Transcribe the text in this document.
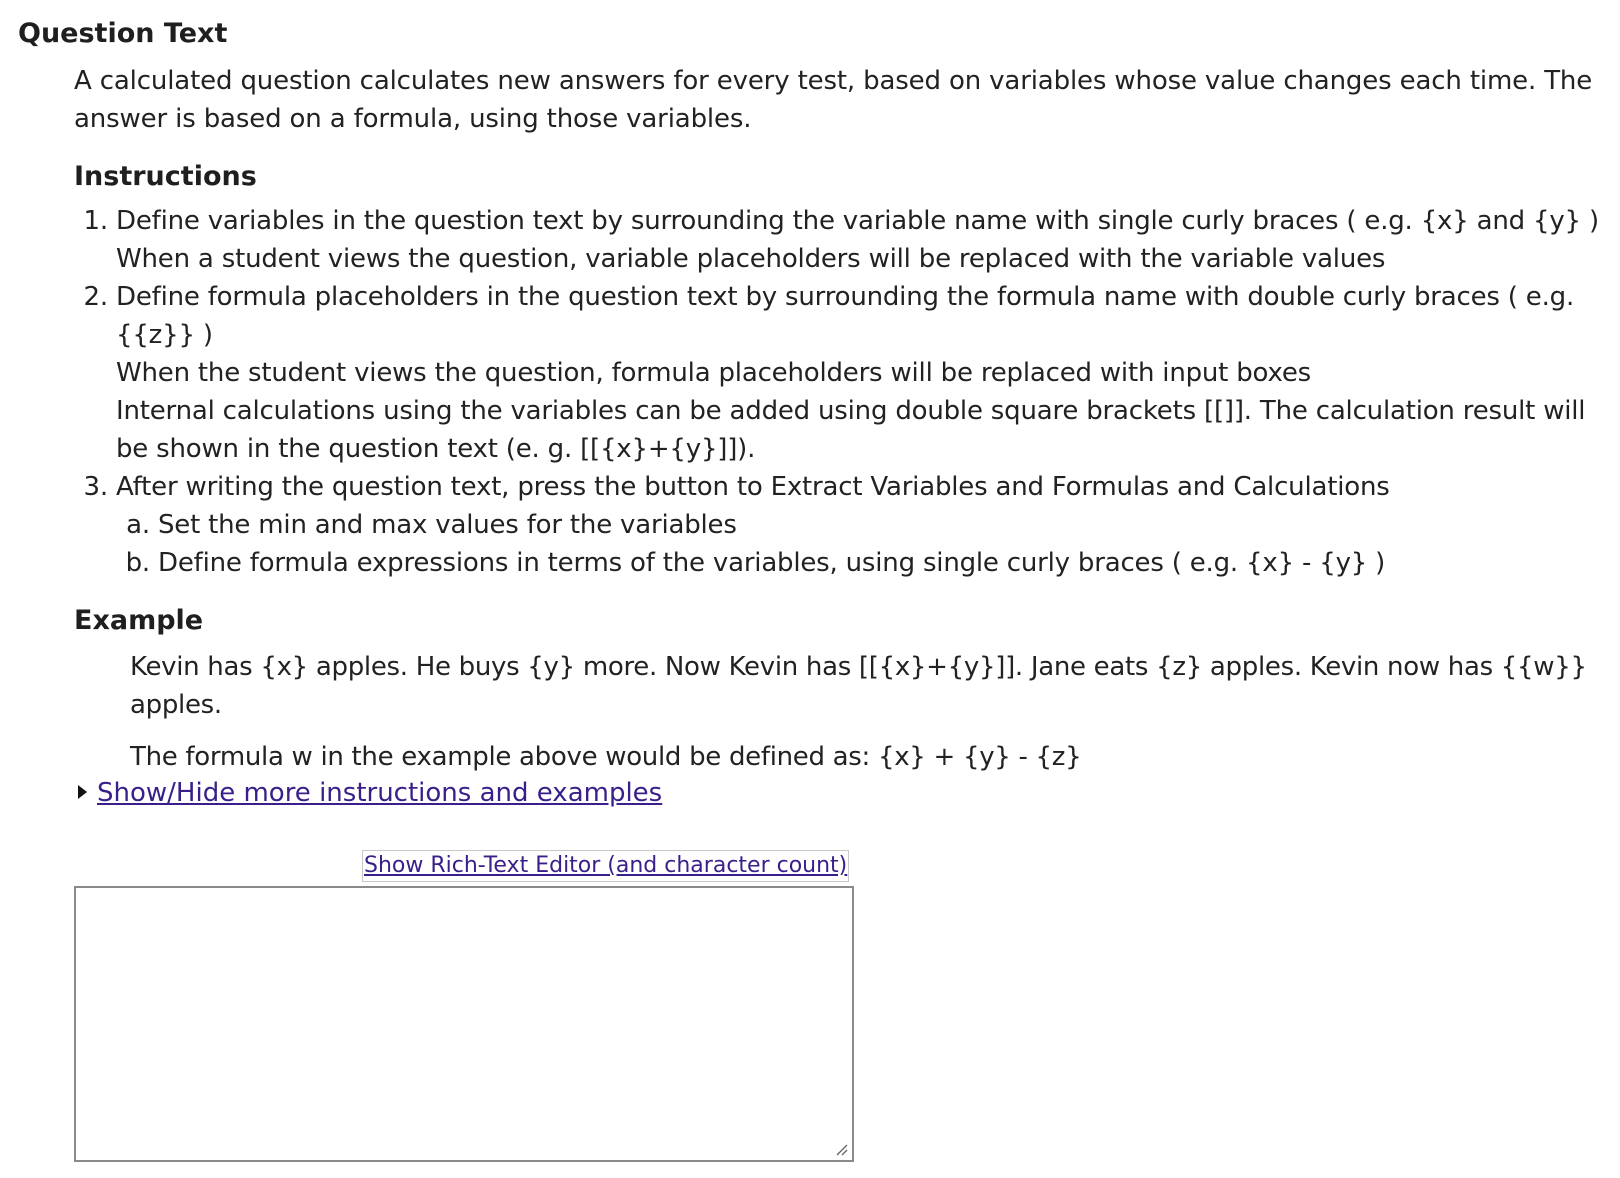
Question Text

A calculated question calculates new answers for every test, based on variables whose value changes each time. The answer is based on a formula, using those variables.

Instructions
1. Define variables in the question text by surrounding the variable name with single curly braces ( e.g. {x} and {y} )
When a student views the question, variable placeholders will be replaced with the variable values
2. Define formula placeholders in the question text by surrounding the formula name with double curly braces ( e.g. {{z}} )
When the student views the question, formula placeholders will be replaced with input boxes
Internal calculations using the variables can be added using double square brackets [[]]. The calculation result will be shown in the question text (e. g. [[{x}+{y}]]).
3. After writing the question text, press the button to Extract Variables and Formulas and Calculations
a. Set the min and max values for the variables
b. Define formula expressions in terms of the variables, using single curly braces ( e.g. {x} - {y} )
Example

Kevin has {x} apples. He buys {y} more. Now Kevin has [[{x}+{y}]]. Jane eats {z} apples. Kevin now has {{w}} apples.

The formula w in the example above would be defined as: {x} + {y} - {z}

Show/Hide more instructions and examples
Show Rich-Text Editor (and character count)
